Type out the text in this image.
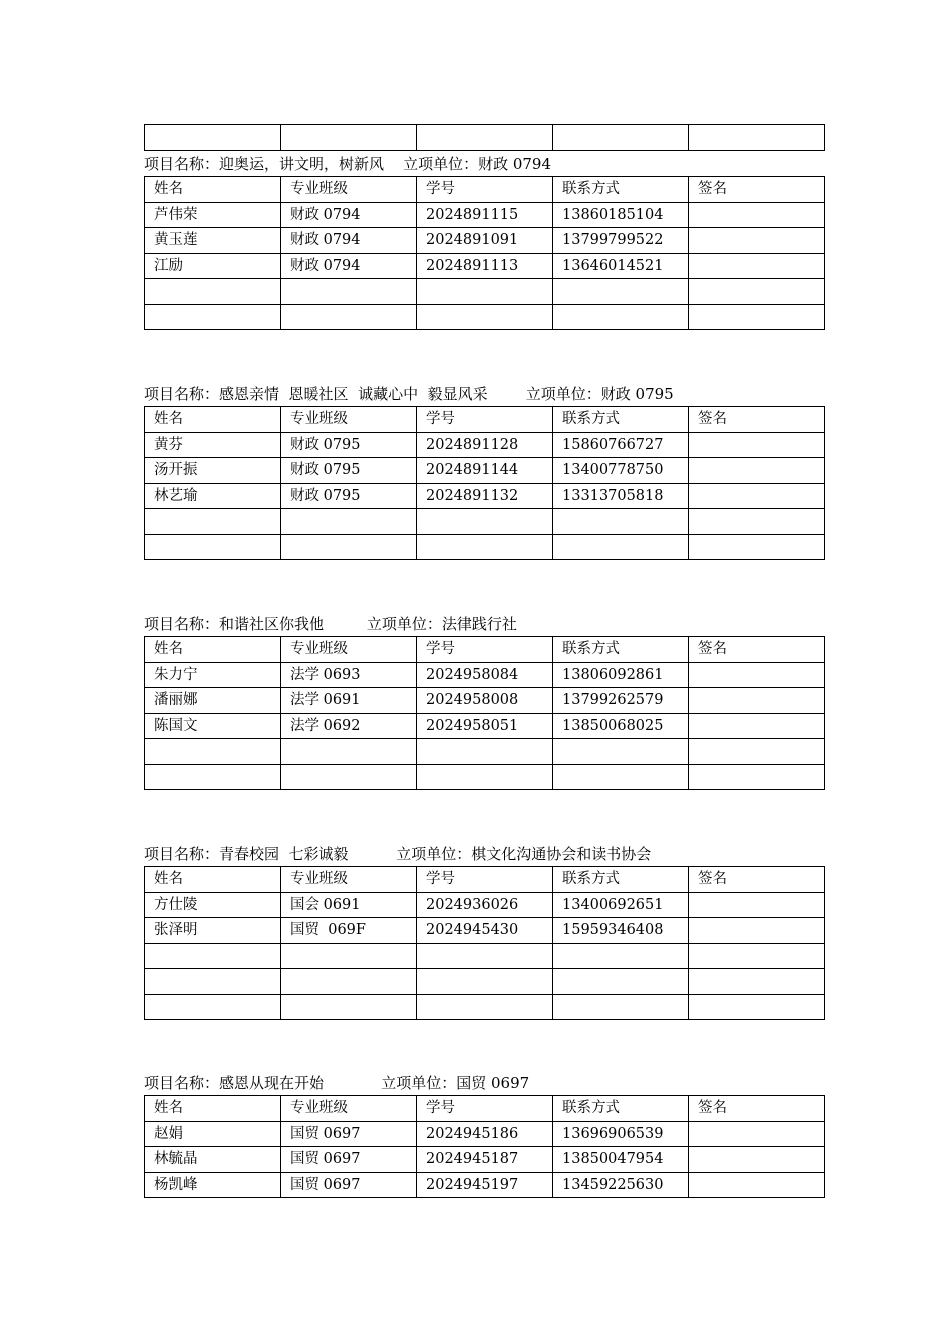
项目名称：迎奥运，讲文明，树新风    立项单位：财政 0794
姓名	专业班级	学号	联系方式	签名
芦伟荣	财政 0794	2024891115	13860185104	
黄玉莲	财政 0794	2024891091	13799799522	
江励	财政 0794	2024891113	13646014521	

项目名称：感恩亲情  恩暖社区  诚藏心中  毅显风采        立项单位：财政 0795
姓名	专业班级	学号	联系方式	签名
黄芬	财政 0795	2024891128	15860766727	
汤开振	财政 0795	2024891144	13400778750	
林艺瑜	财政 0795	2024891132	13313705818	

项目名称：和谐社区你我他         立项单位：法律践行社
姓名	专业班级	学号	联系方式	签名
朱力宁	法学 0693	2024958084	13806092861	
潘丽娜	法学 0691	2024958008	13799262579	
陈国文	法学 0692	2024958051	13850068025	

项目名称：青春校园  七彩诚毅          立项单位：棋文化沟通协会和读书协会
姓名	专业班级	学号	联系方式	签名
方仕陵	国会 0691	2024936026	13400692651	
张泽明	国贸  069F	2024945430	15959346408	

项目名称：感恩从现在开始            立项单位：国贸 0697
姓名	专业班级	学号	联系方式	签名
赵娟	国贸 0697	2024945186	13696906539	
林毓晶	国贸 0697	2024945187	13850047954	
杨凯峰	国贸 0697	2024945197	13459225630	
